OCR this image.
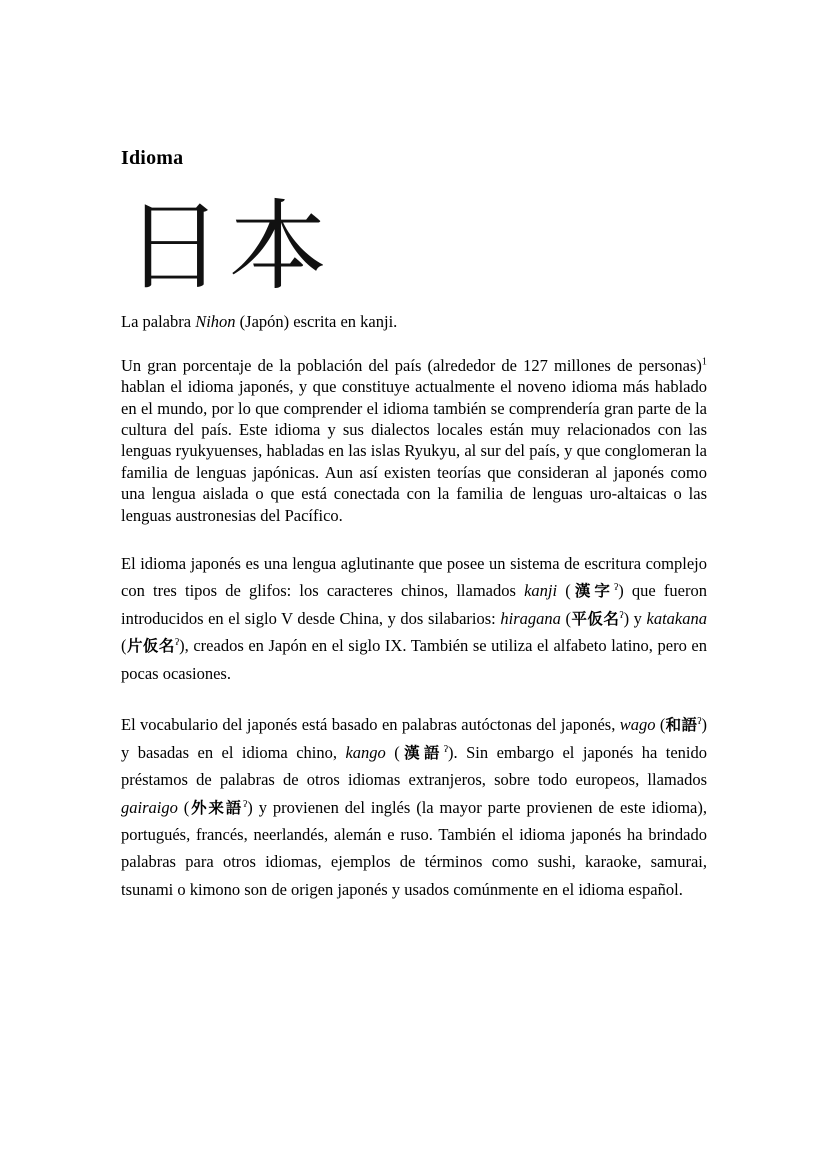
Idioma
日本
La palabra Nihon (Japón) escrita en kanji.

Un gran porcentaje de la población del país (alrededor de 127 millones de personas)$^1$ hablan el idioma japonés, y que constituye actualmente el noveno idioma más hablado en el mundo, por lo que comprender el idioma también se comprendería gran parte de la cultura del país. Este idioma y sus dialectos locales están muy relacionados con las lenguas ryukyuenses, habladas en las islas Ryukyu, al sur del país, y que conglomeran la familia de lenguas japónicas. Aun así existen teorías que consideran al japonés como una lengua aislada o que está conectada con la familia de lenguas uro-altaicas o las lenguas austronesias del Pacífico.

El idioma japonés es una lengua aglutinante que posee un sistema de escritura complejo con tres tipos de glifos: los caracteres chinos, llamados kanji (漢字$^ʔ$) que fueron introducidos en el siglo V desde China, y dos silabarios: hiragana (平仮名$^ʔ$) y katakana (片仮名$^ʔ$), creados en Japón en el siglo IX. También se utiliza el alfabeto latino, pero en pocas ocasiones.

El vocabulario del japonés está basado en palabras autóctonas del japonés, wago (和語$^ʔ$) y basadas en el idioma chino, kango (漢語$^ʔ$). Sin embargo el japonés ha tenido préstamos de palabras de otros idiomas extranjeros, sobre todo europeos, llamados gairaigo (外来語$^ʔ$) y provienen del inglés (la mayor parte provienen de este idioma), portugués, francés, neerlandés, alemán e ruso. También el idioma japonés ha brindado palabras para otros idiomas, ejemplos de términos como sushi, karaoke, samurai, tsunami o kimono son de origen japonés y usados comúnmente en el idioma español.
